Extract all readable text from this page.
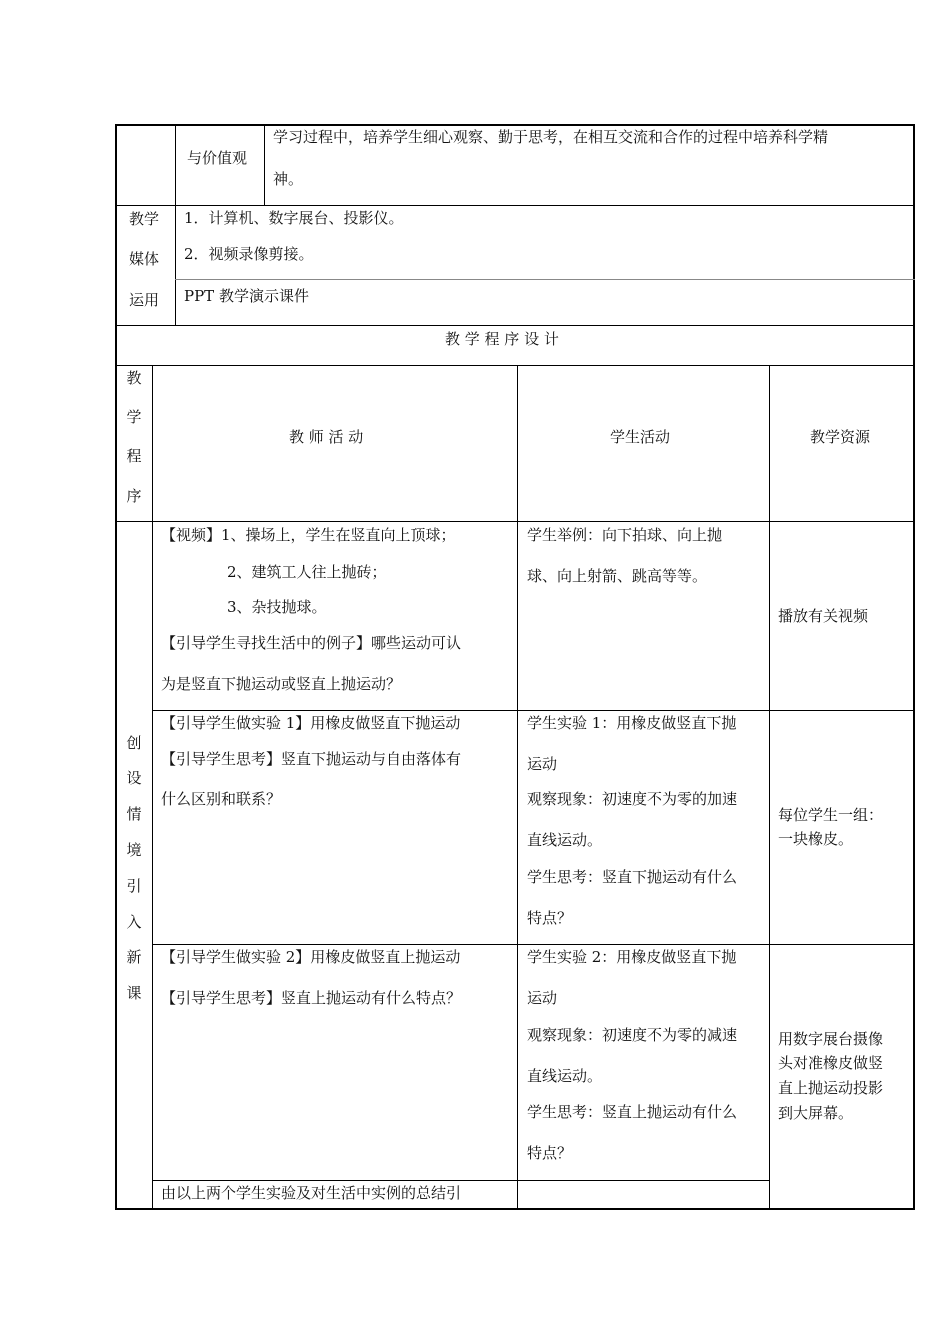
与价值观
学习过程中，培养学生细心观察、勤于思考，在相互交流和合作的过程中培养科学精
神。
教学
媒体
运用
1．计算机、数字展台、投影仪。
2．视频录像剪接。
PPT 教学演示课件
教 学 程 序 设 计
教
学
程
序
教 师 活 动	学生活动	教学资源
创
设
情
境
引
入
新
课
【视频】1、操场上，学生在竖直向上顶球；
2、建筑工人往上抛砖；
3、杂技抛球。
【引导学生寻找生活中的例子】哪些运动可认
为是竖直下抛运动或竖直上抛运动？
学生举例：向下拍球、向上抛
球、向上射箭、跳高等等。
播放有关视频
【引导学生做实验 1】用橡皮做竖直下抛运动
【引导学生思考】竖直下抛运动与自由落体有
什么区别和联系？
学生实验 1：用橡皮做竖直下抛
运动
观察现象：初速度不为零的加速
直线运动。
学生思考：竖直下抛运动有什么
特点？
每位学生一组：
一块橡皮。
【引导学生做实验 2】用橡皮做竖直上抛运动
【引导学生思考】竖直上抛运动有什么特点？
学生实验 2：用橡皮做竖直下抛
运动
观察现象：初速度不为零的减速
直线运动。
学生思考：竖直上抛运动有什么
特点？
用数字展台摄像
头对准橡皮做竖
直上抛运动投影
到大屏幕。
由以上两个学生实验及对生活中实例的总结引
